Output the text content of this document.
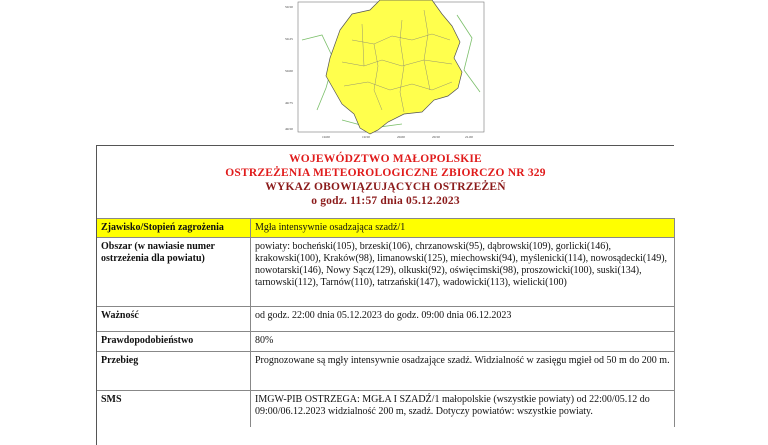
50.50
50.25
50.00
49.75
49.50
19.00	19.50	20.00	20.50	21.00
WOJEWÓDZTWO MAŁOPOLSKIE
OSTRZEŻENIA METEOROLOGICZNE ZBIORCZO NR 329
WYKAZ OBOWIĄZUJĄCYCH OSTRZEŻEŃ
o godz. 11:57 dnia 05.12.2023
Zjawisko/Stopień zagrożenia	Mgła intensywnie osadzająca szadź/1
Obszar (w nawiasie numer ostrzeżenia dla powiatu)	powiaty: bocheński(105), brzeski(106), chrzanowski(95), dąbrowski(109), gorlicki(146), krakowski(100), Kraków(98), limanowski(125), miechowski(94), myślenicki(114), nowosądecki(149), nowotarski(146), Nowy Sącz(129), olkuski(92), oświęcimski(98), proszowicki(100), suski(134), tarnowski(112), Tarnów(110), tatrzański(147), wadowicki(113), wielicki(100)
Ważność	od godz. 22:00 dnia 05.12.2023 do godz. 09:00 dnia 06.12.2023
Prawdopodobieństwo	80%
Przebieg	Prognozowane są mgły intensywnie osadzające szadź. Widzialność w zasięgu mgieł od 50 m do 200 m.
SMS	IMGW-PIB OSTRZEGA: MGŁA I SZADŹ/1 małopolskie (wszystkie powiaty) od 22:00/05.12 do 09:00/06.12.2023 widzialność 200 m, szadź. Dotyczy powiatów: wszystkie powiaty.
